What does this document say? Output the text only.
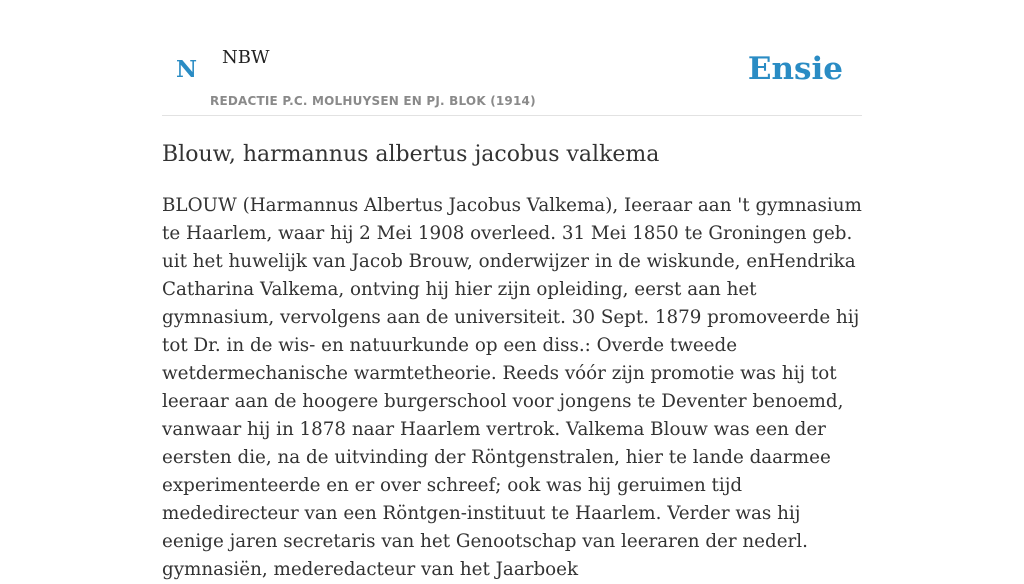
N NBW
REDACTIE P.C. MOLHUYSEN EN PJ. BLOK (1914)
Ensie
Blouw, harmannus albertus jacobus valkema

BLOUW (Harmannus Albertus Jacobus Valkema), Ieeraar aan 't gymnasium te Haarlem, waar hij 2 Mei 1908 overleed. 31 Mei 1850 te Groningen geb. uit het huwelijk van Jacob Brouw, onderwijzer in de wiskunde, enHendrika Catharina Valkema, ontving hij hier zijn opleiding, eerst aan het gymnasium, vervolgens aan de universiteit. 30 Sept. 1879 promoveerde hij tot Dr. in de wis- en natuurkunde op een diss.: Overde tweede wetdermechanische warmtetheorie. Reeds vóór zijn promotie was hij tot leeraar aan de hoogere burgerschool voor jongens te Deventer benoemd, vanwaar hij in 1878 naar Haarlem vertrok. Valkema Blouw was een der eersten die, na de uitvinding der Röntgenstralen, hier te lande daarmee experimenteerde en er over schreef; ook was hij geruimen tijd mededirecteur van een Röntgen-instituut te Haarlem. Verder was hij eenige jaren secretaris van het Genootschap van leeraren der nederl. gymnasiën, mederedacteur van het Jaarboek
